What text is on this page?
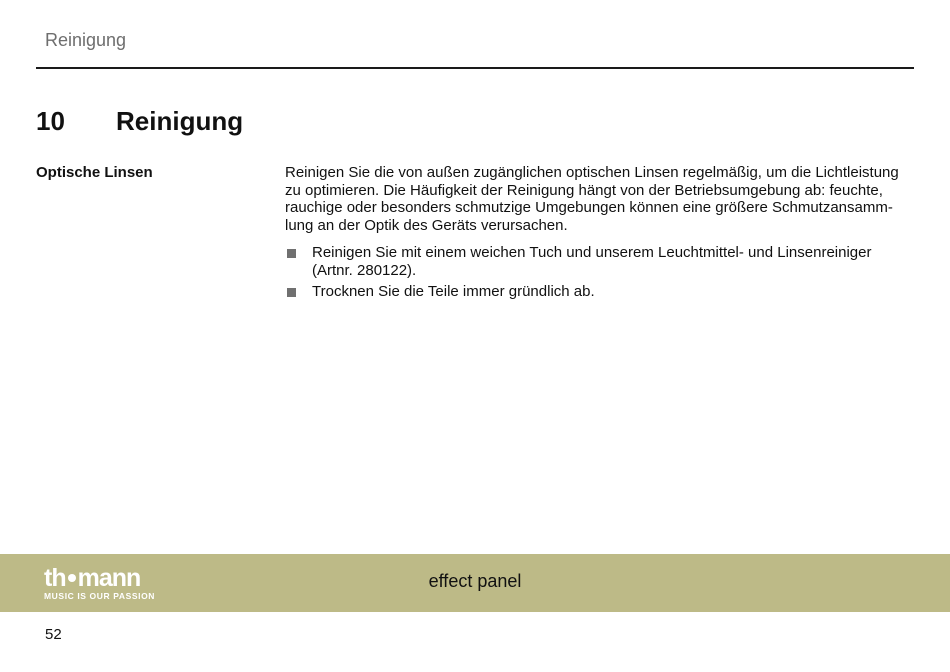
Reinigung
10	Reinigung
Optische Linsen	Reinigen Sie die von außen zugänglichen optischen Linsen regelmäßig, um die Lichtleistung zu optimieren. Die Häufigkeit der Reinigung hängt von der Betriebsumgebung ab: feuchte, rauchige oder besonders schmutzige Umgebungen können eine größere Schmutzansamm- lung an der Optik des Geräts verursachen.

Reinigen Sie mit einem weichen Tuch und unserem Leuchtmittel- und Linsenreiniger (Artnr. 280122).
Trocknen Sie die Teile immer gründlich ab.
th mann
MUSIC IS OUR PASSION
effect panel
52
